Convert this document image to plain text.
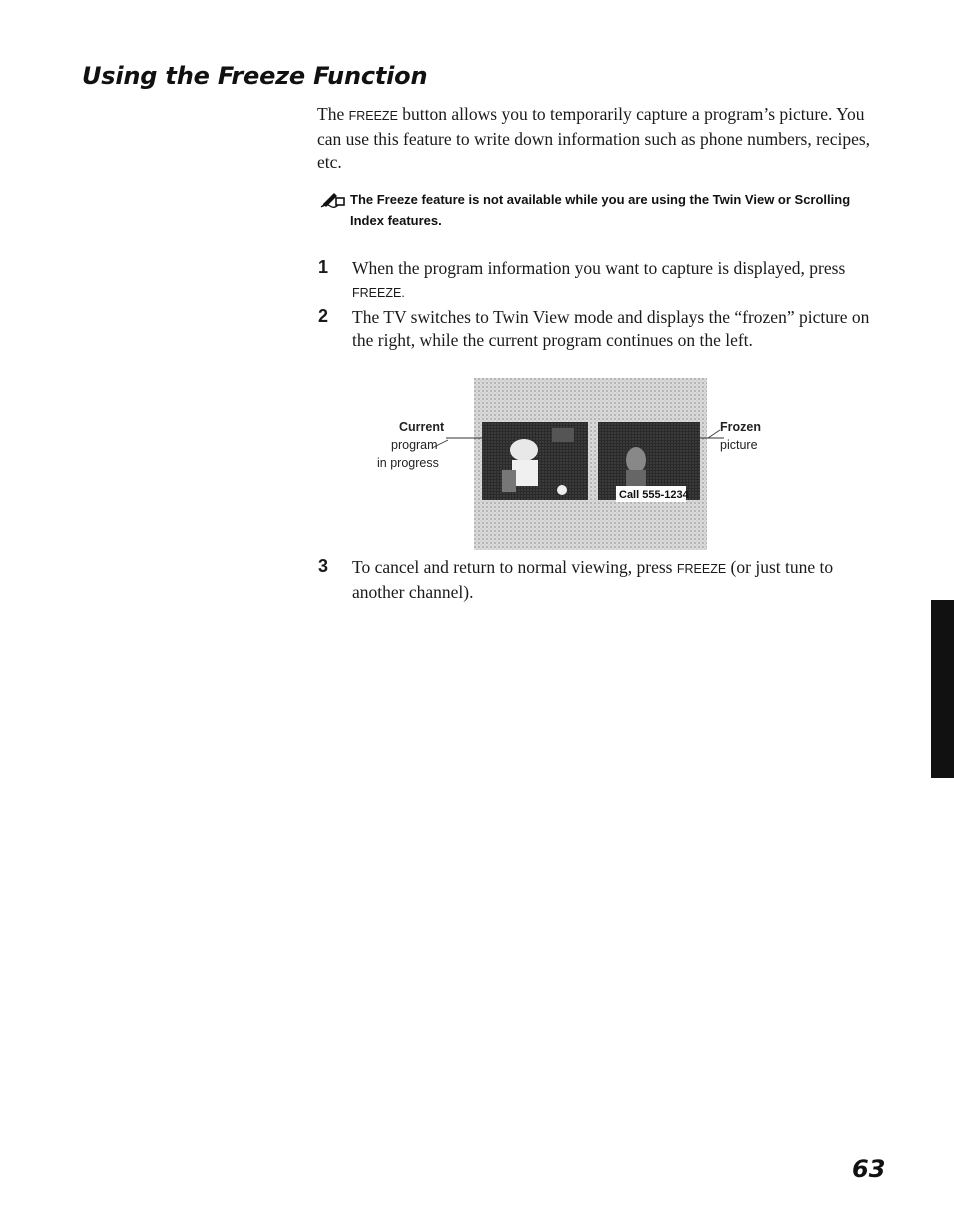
Using the Freeze Function
The FREEZE button allows you to temporarily capture a program’s picture. You can use this feature to write down information such as phone numbers, recipes, etc.
The Freeze feature is not available while you are using the Twin View or Scrolling Index features.
1 When the program information you want to capture is displayed, press FREEZE.
2 The TV switches to Twin View mode and displays the “frozen” picture on the right, while the current program continues on the left.
Current
program
in progress
Frozen
picture
Call 555-1234
3 To cancel and return to normal viewing, press FREEZE (or just tune to another channel).
63
